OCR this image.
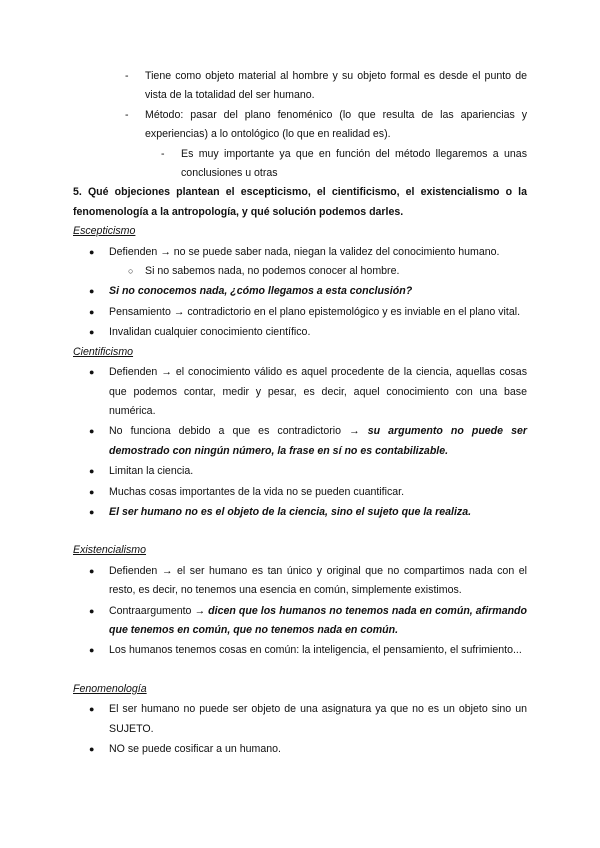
- Tiene como objeto material al hombre y su objeto formal es desde el punto de vista de la totalidad del ser humano.
- Método: pasar del plano fenoménico (lo que resulta de las apariencias y experiencias) a lo ontológico (lo que en realidad es).
- Es muy importante ya que en función del método llegaremos a unas conclusiones u otras
5. Qué objeciones plantean el escepticismo, el cientificismo, el existencialismo o la fenomenología a la antropología, y qué solución podemos darles.
Escepticismo
● Defienden → no se puede saber nada, niegan la validez del conocimiento humano.
○ Si no sabemos nada, no podemos conocer al hombre.
● Si no conocemos nada, ¿cómo llegamos a esta conclusión?
● Pensamiento → contradictorio en el plano epistemológico y es inviable en el plano vital.
● Invalidan cualquier conocimiento científico.
Cientificismo
● Defienden → el conocimiento válido es aquel procedente de la ciencia, aquellas cosas que podemos contar, medir y pesar, es decir, aquel conocimiento con una base numérica.
● No funciona debido a que es contradictorio → su argumento no puede ser demostrado con ningún número, la frase en sí no es contabilizable.
● Limitan la ciencia.
● Muchas cosas importantes de la vida no se pueden cuantificar.
● El ser humano no es el objeto de la ciencia, sino el sujeto que la realiza.
Existencialismo
● Defienden → el ser humano es tan único y original que no compartimos nada con el resto, es decir, no tenemos una esencia en común, simplemente existimos.
● Contraargumento → dicen que los humanos no tenemos nada en común, afirmando que tenemos en común, que no tenemos nada en común.
● Los humanos tenemos cosas en común: la inteligencia, el pensamiento, el sufrimiento...
Fenomenología
● El ser humano no puede ser objeto de una asignatura ya que no es un objeto sino un SUJETO.
● NO se puede cosificar a un humano.
